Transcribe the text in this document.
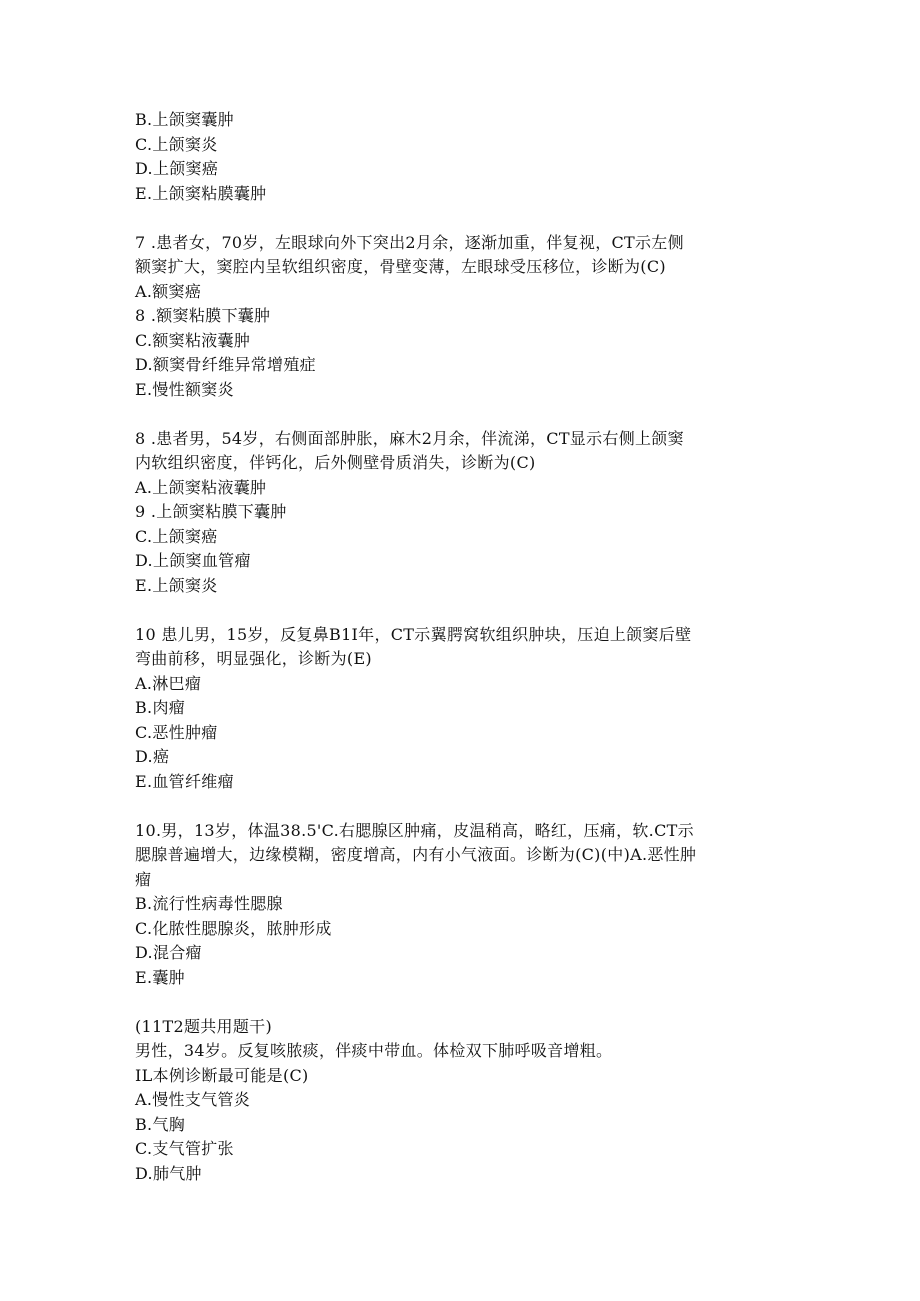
B.上颌窦囊肿
C.上颌窦炎
D.上颌窦癌
E.上颌窦粘膜囊肿
7 .患者女，70岁，左眼球向外下突出2月余，逐渐加重，伴复视，CT示左侧
额窦扩大，窦腔内呈软组织密度，骨壁变薄，左眼球受压移位，诊断为(C)
A.额窦癌
8 .额窦粘膜下囊肿
C.额窦粘液囊肿
D.额窦骨纤维异常增殖症
E.慢性额窦炎
8 .患者男，54岁，右侧面部肿胀，麻木2月余，伴流涕，CT显示右侧上颌窦
内软组织密度，伴钙化，后外侧壁骨质消失，诊断为(C)
A.上颌窦粘液囊肿
9 .上颌窦粘膜下囊肿
C.上颌窦癌
D.上颌窦血管瘤
E.上颌窦炎
10 患儿男，15岁，反复鼻B1I年，CT示翼腭窝软组织肿块，压迫上颌窦后壁
弯曲前移，明显强化，诊断为(E)
A.淋巴瘤
B.肉瘤
C.恶性肿瘤
D.癌
E.血管纤维瘤
10.男，13岁，体温38.5'C.右腮腺区肿痛，皮温稍高，略红，压痛，软.CT示
腮腺普遍增大，边缘模糊，密度增高，内有小气液面。诊断为(C)(中)A.恶性肿
瘤
B.流行性病毒性腮腺
C.化脓性腮腺炎，脓肿形成
D.混合瘤
E.囊肿
(11T2题共用题干)
男性，34岁。反复咳脓痰，伴痰中带血。体检双下肺呼吸音增粗。
IL本例诊断最可能是(C)
A.慢性支气管炎
B.气胸
C.支气管扩张
D.肺气肿
